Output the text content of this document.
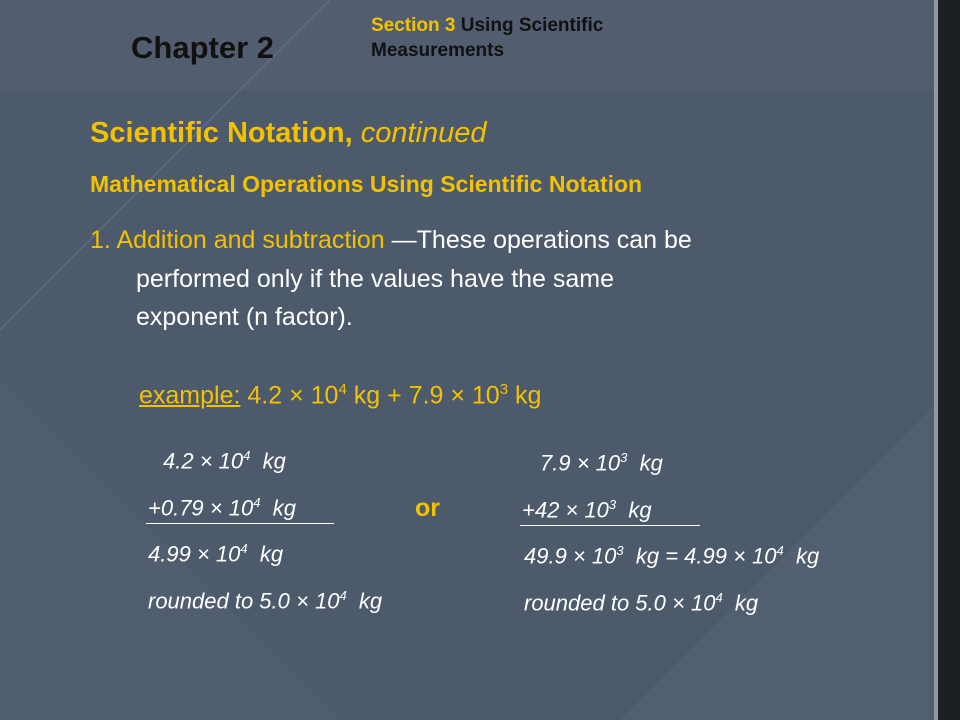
Chapter 2
Section 3 Using Scientific
Measurements
Scientific Notation, continued
Mathematical Operations Using Scientific Notation
1. Addition and subtraction —These operations can be
performed only if the values have the same
exponent (n factor).
example: $4.2 \times 10^4$ kg + $7.9 \times 10^3$ kg
$4.2 \times 10^4$ kg
$+0.79 \times 10^4$ kg
$4.99 \times 10^4$ kg
rounded to $5.0 \times 10^4$ kg
or
$7.9 \times 10^3$ kg
$+42 \times 10^3$ kg
$49.9 \times 10^3$ kg = $4.99 \times 10^4$ kg
rounded to $5.0 \times 10^4$ kg
